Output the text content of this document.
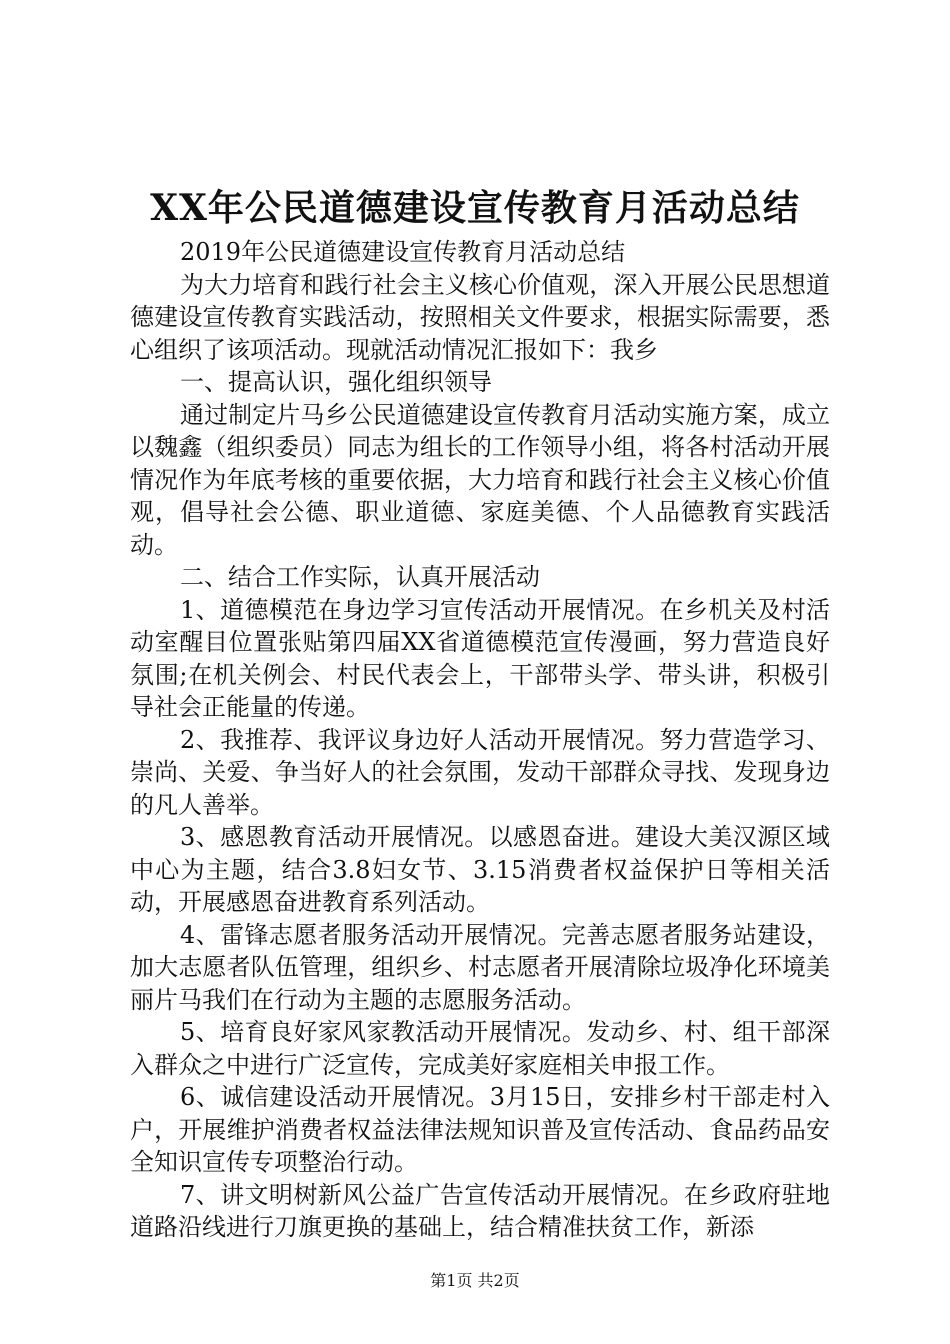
XX年公民道德建设宣传教育月活动总结

2019年公民道德建设宣传教育月活动总结

为大力培育和践行社会主义核心价值观，深入开展公民思想道德建设宣传教育实践活动，按照相关文件要求，根据实际需要，悉心组织了该项活动。现就活动情况汇报如下：我乡

一、提高认识，强化组织领导

通过制定片马乡公民道德建设宣传教育月活动实施方案，成立以魏鑫（组织委员）同志为组长的工作领导小组，将各村活动开展情况作为年底考核的重要依据，大力培育和践行社会主义核心价值观，倡导社会公德、职业道德、家庭美德、个人品德教育实践活动。

二、结合工作实际，认真开展活动

1、道德模范在身边学习宣传活动开展情况。在乡机关及村活动室醒目位置张贴第四届XX省道德模范宣传漫画，努力营造良好氛围;在机关例会、村民代表会上，干部带头学、带头讲，积极引导社会正能量的传递。

2、我推荐、我评议身边好人活动开展情况。努力营造学习、崇尚、关爱、争当好人的社会氛围，发动干部群众寻找、发现身边的凡人善举。

3、感恩教育活动开展情况。以感恩奋进。建设大美汉源区域中心为主题，结合3.8妇女节、3.15消费者权益保护日等相关活动，开展感恩奋进教育系列活动。

4、雷锋志愿者服务活动开展情况。完善志愿者服务站建设，加大志愿者队伍管理，组织乡、村志愿者开展清除垃圾净化环境美丽片马我们在行动为主题的志愿服务活动。

5、培育良好家风家教活动开展情况。发动乡、村、组干部深入群众之中进行广泛宣传，完成美好家庭相关申报工作。

6、诚信建设活动开展情况。3月15日，安排乡村干部走村入户，开展维护消费者权益法律法规知识普及宣传活动、食品药品安全知识宣传专项整治行动。

7、讲文明树新风公益广告宣传活动开展情况。在乡政府驻地道路沿线进行刀旗更换的基础上，结合精准扶贫工作，新添

第1页 共2页
